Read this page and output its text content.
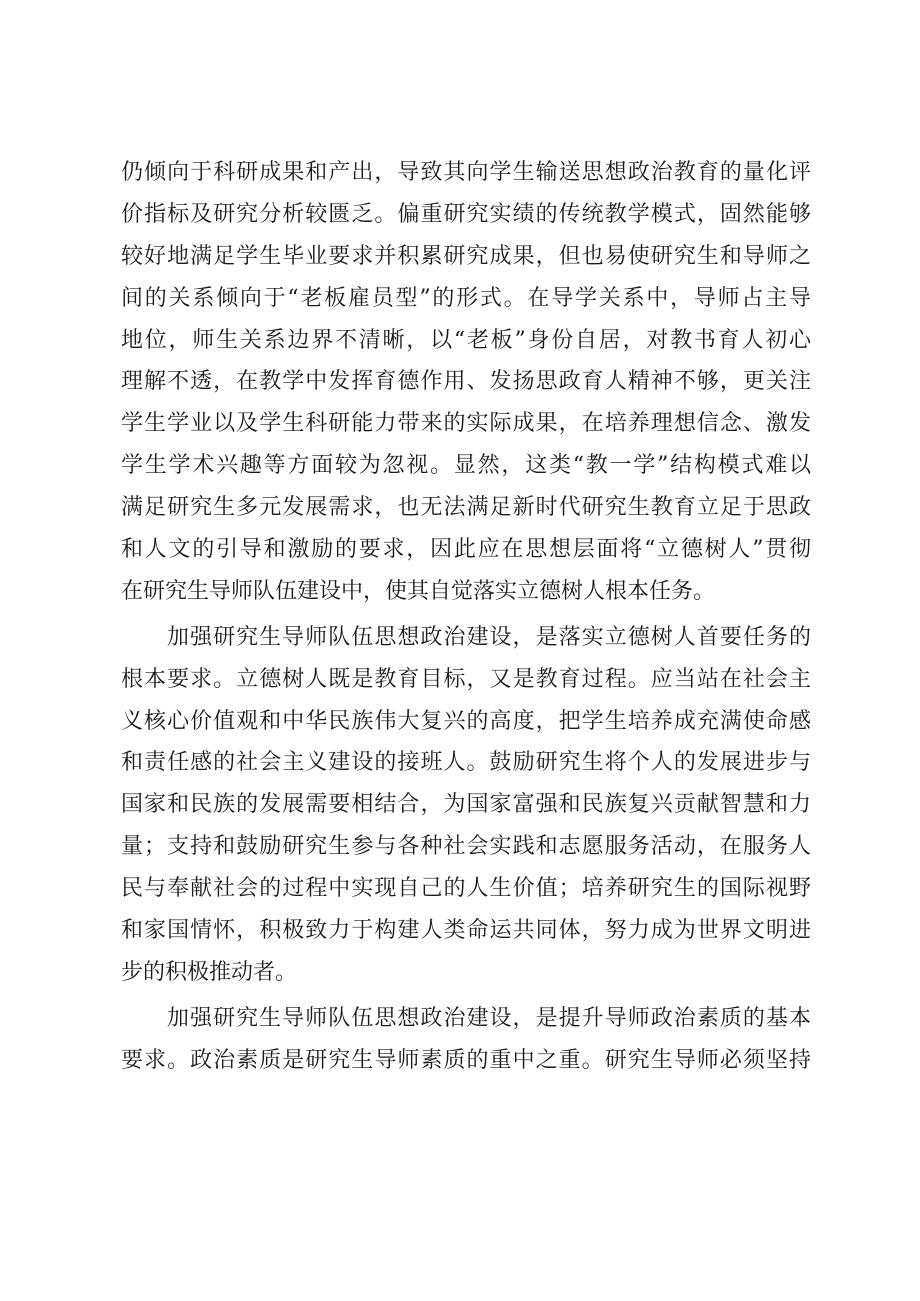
仍倾向于科研成果和产出，导致其向学生输送思想政治教育的量化评
价指标及研究分析较匮乏。偏重研究实绩的传统教学模式，固然能够
较好地满足学生毕业要求并积累研究成果，但也易使研究生和导师之
间的关系倾向于“老板雇员型”的形式。在导学关系中，导师占主导
地位，师生关系边界不清晰，以“老板”身份自居，对教书育人初心
理解不透，在教学中发挥育德作用、发扬思政育人精神不够，更关注
学生学业以及学生科研能力带来的实际成果，在培养理想信念、激发
学生学术兴趣等方面较为忽视。显然，这类“教一学”结构模式难以
满足研究生多元发展需求，也无法满足新时代研究生教育立足于思政
和人文的引导和激励的要求，因此应在思想层面将“立德树人”贯彻
在研究生导师队伍建设中，使其自觉落实立德树人根本任务。
加强研究生导师队伍思想政治建设，是落实立德树人首要任务的
根本要求。立德树人既是教育目标，又是教育过程。应当站在社会主
义核心价值观和中华民族伟大复兴的高度，把学生培养成充满使命感
和责任感的社会主义建设的接班人。鼓励研究生将个人的发展进步与
国家和民族的发展需要相结合，为国家富强和民族复兴贡献智慧和力
量；支持和鼓励研究生参与各种社会实践和志愿服务活动，在服务人
民与奉献社会的过程中实现自己的人生价值；培养研究生的国际视野
和家国情怀，积极致力于构建人类命运共同体，努力成为世界文明进
步的积极推动者。
加强研究生导师队伍思想政治建设，是提升导师政治素质的基本
要求。政治素质是研究生导师素质的重中之重。研究生导师必须坚持
